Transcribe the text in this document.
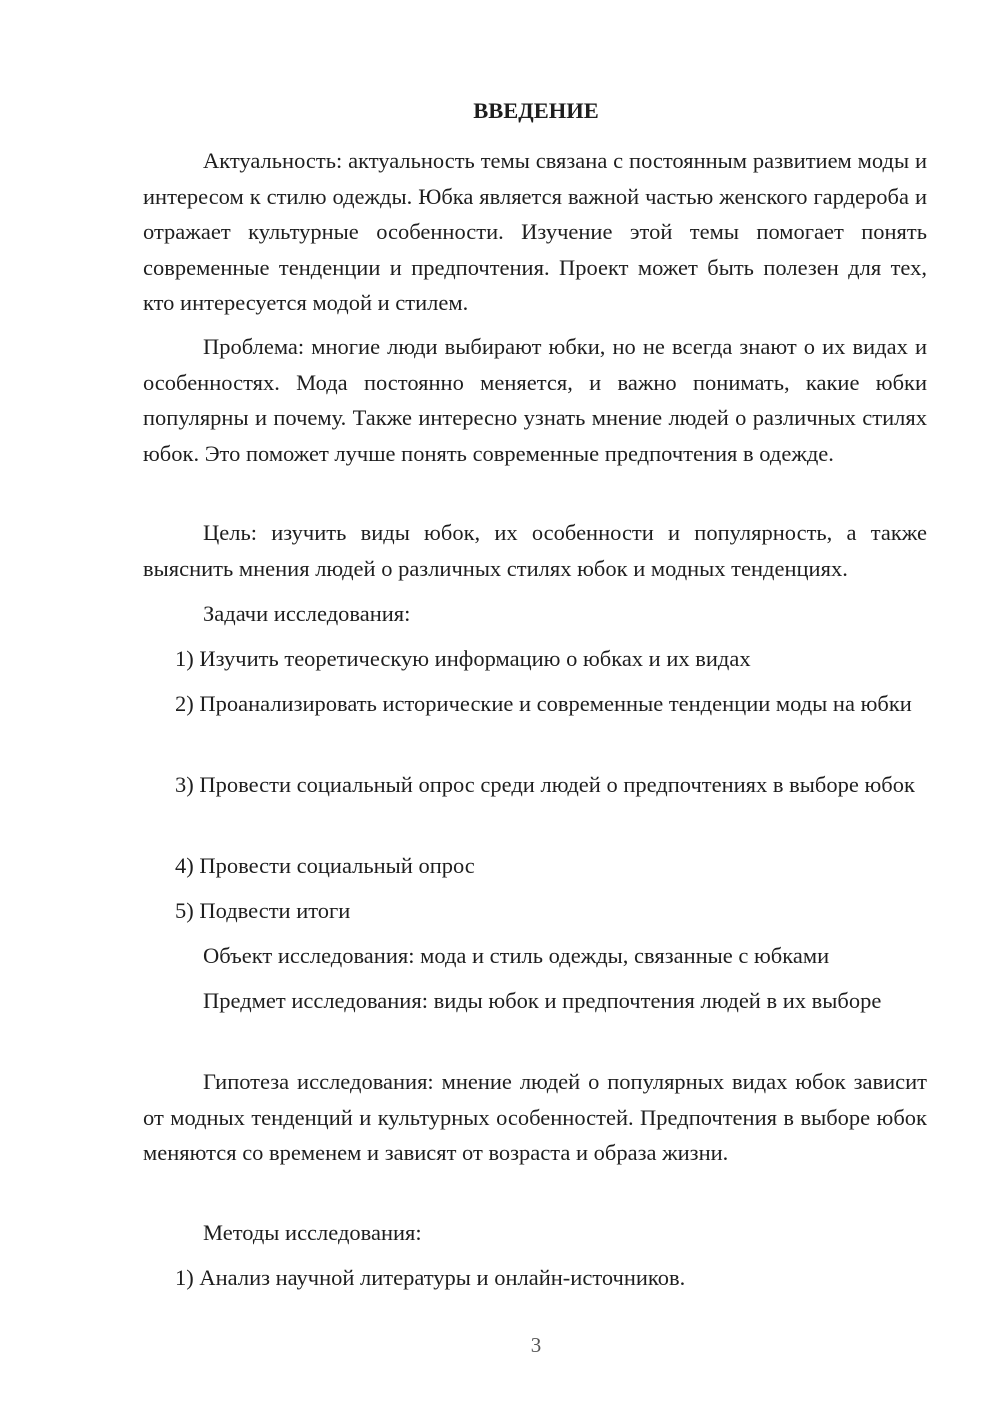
ВВЕДЕНИЕ

Актуальность: актуальность темы связана с постоянным развитием моды и интересом к стилю одежды. Юбка является важной частью женского гардероба и отражает культурные особенности. Изучение этой темы помогает понять современные тенденции и предпочтения. Проект может быть полезен для тех, кто интересуется модой и стилем.

Проблема: многие люди выбирают юбки, но не всегда знают о их видах и особенностях. Мода постоянно меняется, и важно понимать, какие юбки популярны и почему. Также интересно узнать мнение людей о различных стилях юбок. Это поможет лучше понять современные предпочтения в одежде.

Цель: изучить виды юбок, их особенности и популярность, а также выяснить мнения людей о различных стилях юбок и модных тенденциях.

Задачи исследования:

1) Изучить теоретическую информацию о юбках и их видах

2) Проанализировать исторические и современные тенденции моды на юбки

3) Провести социальный опрос среди людей о предпочтениях в выборе юбок

4) Провести социальный опрос

5) Подвести итоги

Объект исследования: мода и стиль одежды, связанные с юбками

Предмет исследования: виды юбок и предпочтения людей в их выборе

Гипотеза исследования: мнение людей о популярных видах юбок зависит от модных тенденций и культурных особенностей. Предпочтения в выборе юбок меняются со временем и зависят от возраста и образа жизни.

Методы исследования:

1) Анализ научной литературы и онлайн-источников.

3
